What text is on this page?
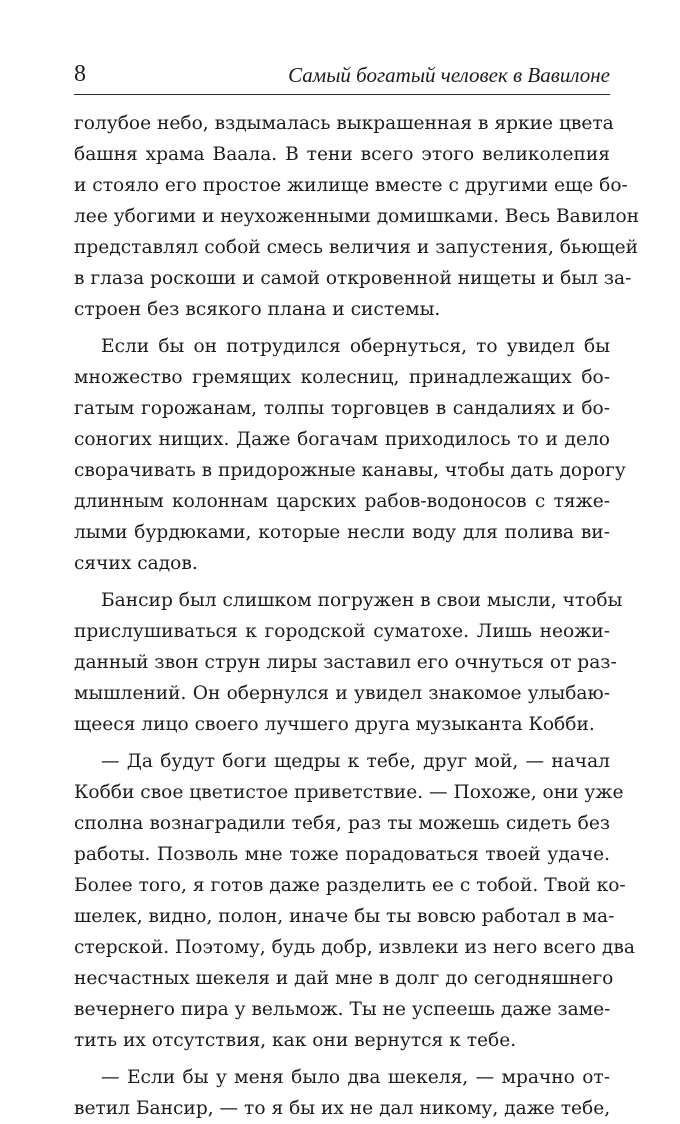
8	Самый богатый человек в Вавилоне
голубое небо, вздымалась выкрашенная в яркие цвета
башня храма Ваала. В тени всего этого великолепия
и стояло его простое жилище вместе с другими еще бо-
лее убогими и неухоженными домишками. Весь Вавилон
представлял собой смесь величия и запустения, бьющей
в глаза роскоши и самой откровенной нищеты и был за-
строен без всякого плана и системы.
Если бы он потрудился обернуться, то увидел бы
множество гремящих колесниц, принадлежащих бо-
гатым горожанам, толпы торговцев в сандалиях и бо-
соногих нищих. Даже богачам приходилось то и дело
сворачивать в придорожные канавы, чтобы дать дорогу
длинным колоннам царских рабов-водоносов с тяже-
лыми бурдюками, которые несли воду для полива ви-
сячих садов.
Бансир был слишком погружен в свои мысли, чтобы
прислушиваться к городской суматохе. Лишь неожи-
данный звон струн лиры заставил его очнуться от раз-
мышлений. Он обернулся и увидел знакомое улыбаю-
щееся лицо своего лучшего друга музыканта Кобби.
— Да будут боги щедры к тебе, друг мой, — начал
Кобби свое цветистое приветствие. — Похоже, они уже
сполна вознаградили тебя, раз ты можешь сидеть без
работы. Позволь мне тоже порадоваться твоей удаче.
Более того, я готов даже разделить ее с тобой. Твой ко-
шелек, видно, полон, иначе бы ты вовсю работал в ма-
стерской. Поэтому, будь добр, извлеки из него всего два
несчастных шекеля и дай мне в долг до сегодняшнего
вечернего пира у вельмож. Ты не успеешь даже заме-
тить их отсутствия, как они вернутся к тебе.
— Если бы у меня было два шекеля, — мрачно от-
ветил Бансир, — то я бы их не дал никому, даже тебе,
